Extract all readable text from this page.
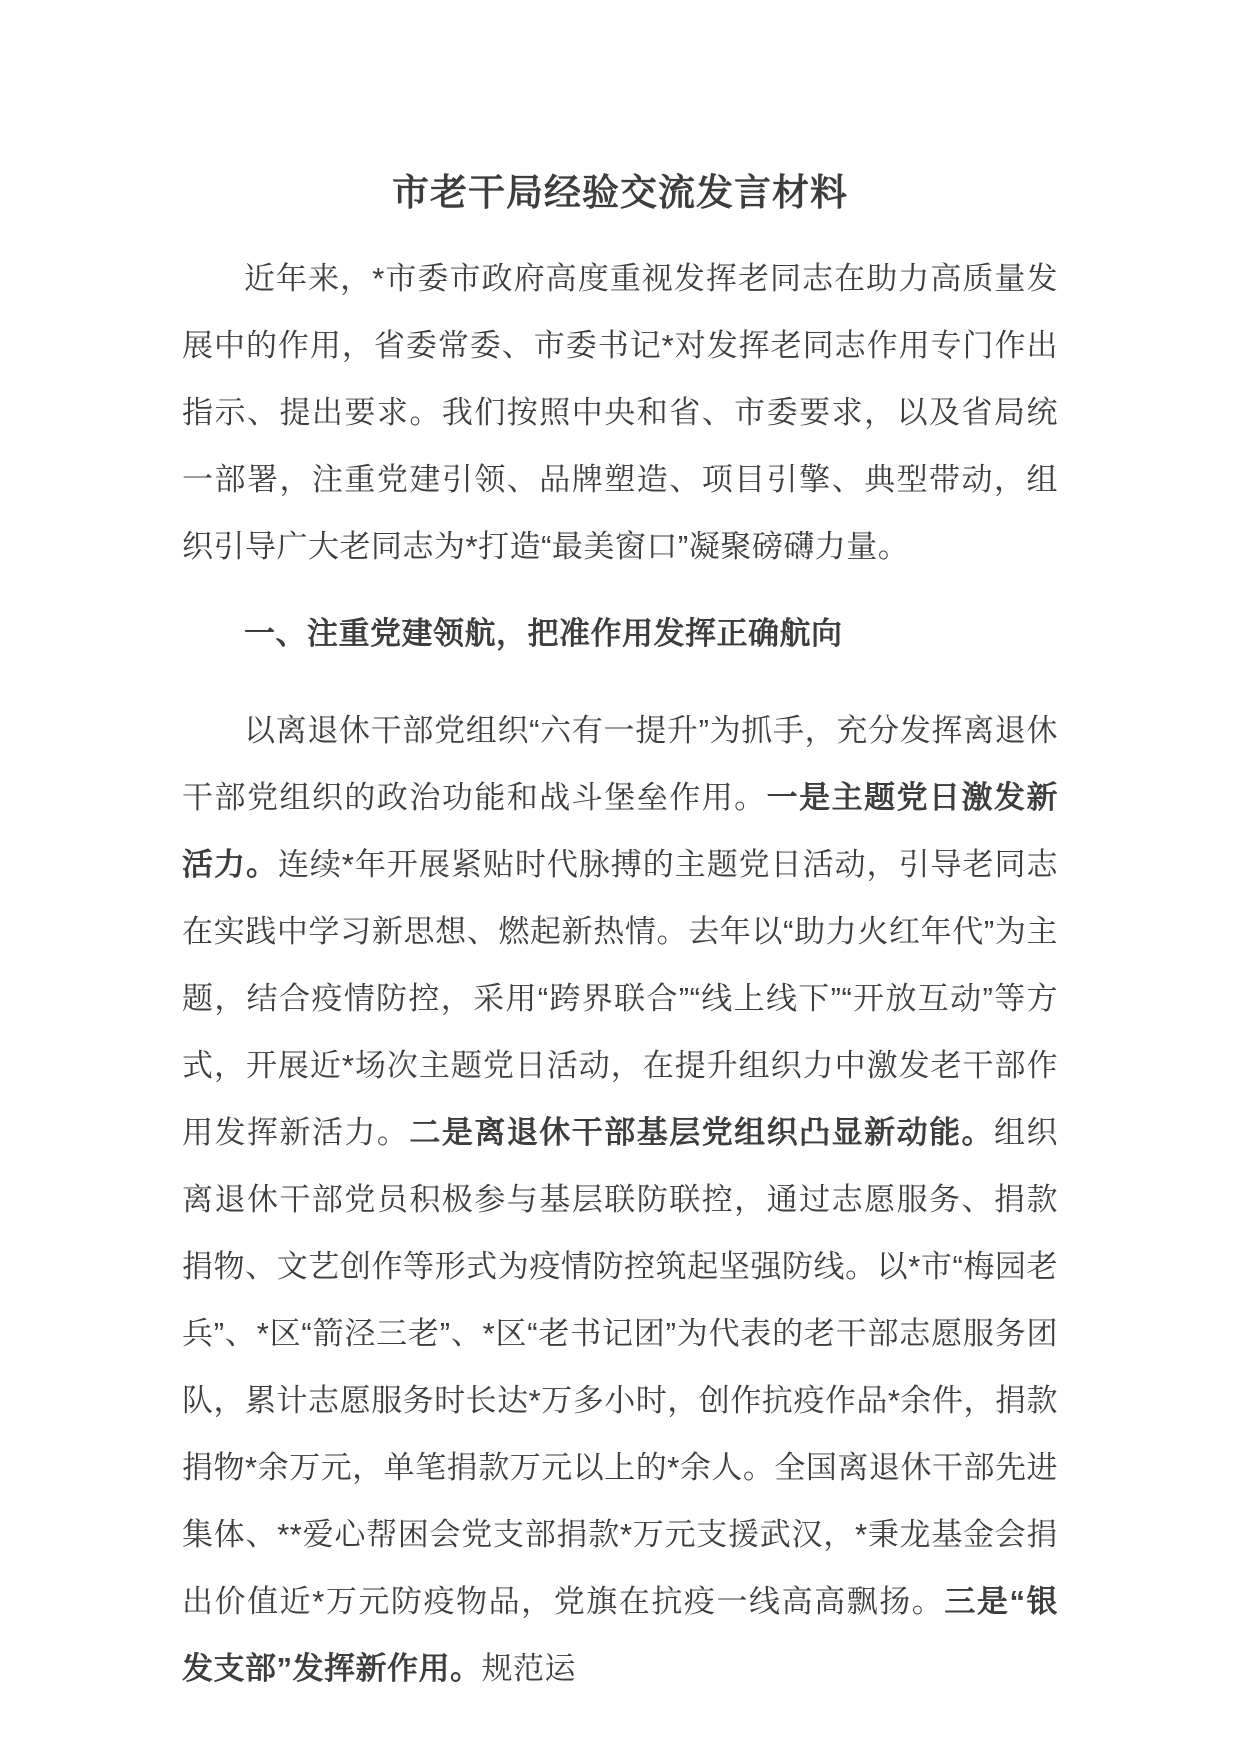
市老干局经验交流发言材料

近年来，*市委市政府高度重视发挥老同志在助力高质量发展中的作用，省委常委、市委书记*对发挥老同志作用专门作出指示、提出要求。我们按照中央和省、市委要求，以及省局统一部署，注重党建引领、品牌塑造、项目引擎、典型带动，组织引导广大老同志为*打造“最美窗口”凝聚磅礴力量。

一、注重党建领航，把准作用发挥正确航向

以离退休干部党组织“六有一提升”为抓手，充分发挥离退休干部党组织的政治功能和战斗堡垒作用。一是主题党日激发新活力。连续*年开展紧贴时代脉搏的主题党日活动，引导老同志在实践中学习新思想、燃起新热情。去年以“助力火红年代”为主题，结合疫情防控，采用“跨界联合”“线上线下”“开放互动”等方式，开展近*场次主题党日活动，在提升组织力中激发老干部作用发挥新活力。二是离退休干部基层党组织凸显新动能。组织离退休干部党员积极参与基层联防联控，通过志愿服务、捐款捐物、文艺创作等形式为疫情防控筑起坚强防线。以*市“梅园老兵”、*区“箭泾三老”、*区“老书记团”为代表的老干部志愿服务团队，累计志愿服务时长达*万多小时，创作抗疫作品*余件，捐款捐物*余万元，单笔捐款万元以上的*余人。全国离退休干部先进集体、**爱心帮困会党支部捐款*万元支援武汉，*秉龙基金会捐出价值近*万元防疫物品，党旗在抗疫一线高高飘扬。三是“银发支部”发挥新作用。规范运
